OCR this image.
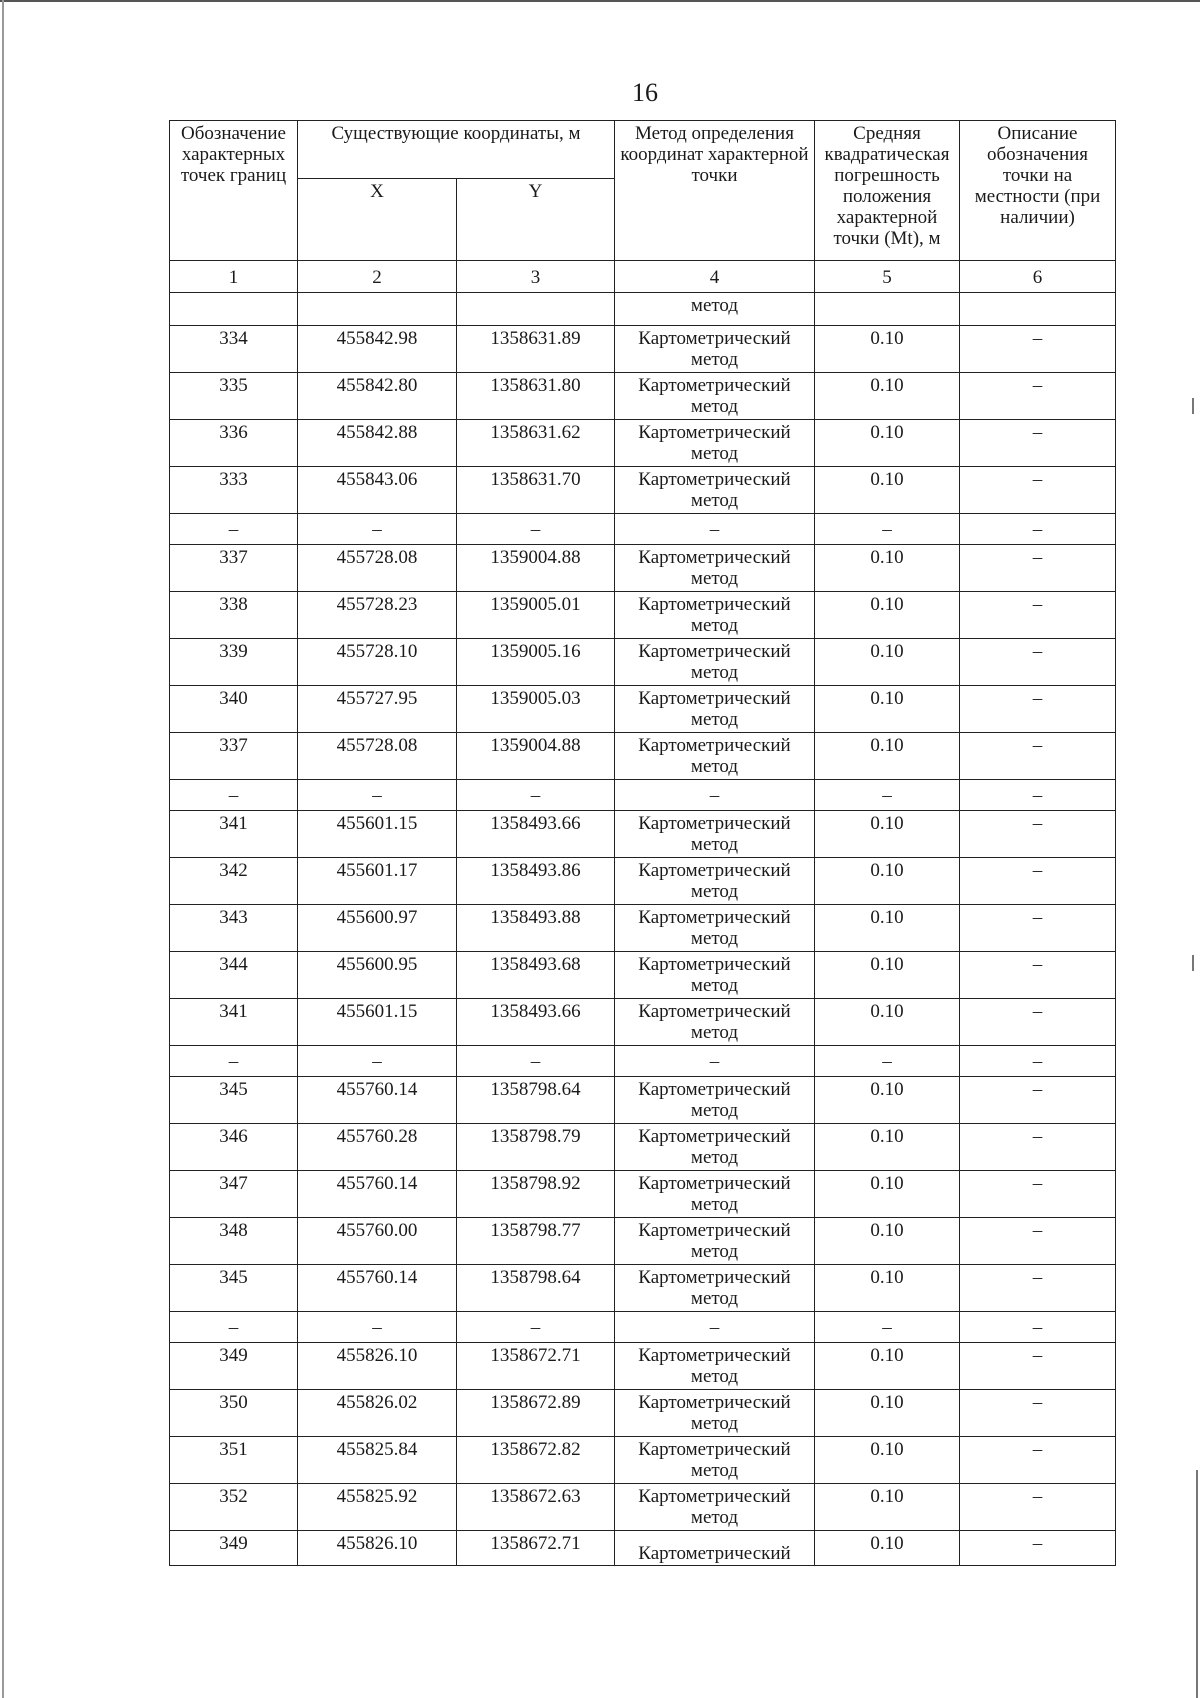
16
Обозначение характерных точек границ	Существующие координаты, м		Метод определения координат характерной точки	Средняя квадратическая погрешность положения характерной точки (Mt), м	Описание обозначения точки на местности (при наличии)
	X	Y			
1	2	3	4	5	6
			метод		
334	455842.98	1358631.89	Картометрический метод	0.10	–
335	455842.80	1358631.80	Картометрический метод	0.10	–
336	455842.88	1358631.62	Картометрический метод	0.10	–
333	455843.06	1358631.70	Картометрический метод	0.10	–
–	–	–	–	–	–
337	455728.08	1359004.88	Картометрический метод	0.10	–
338	455728.23	1359005.01	Картометрический метод	0.10	–
339	455728.10	1359005.16	Картометрический метод	0.10	–
340	455727.95	1359005.03	Картометрический метод	0.10	–
337	455728.08	1359004.88	Картометрический метод	0.10	–
–	–	–	–	–	–
341	455601.15	1358493.66	Картометрический метод	0.10	–
342	455601.17	1358493.86	Картометрический метод	0.10	–
343	455600.97	1358493.88	Картометрический метод	0.10	–
344	455600.95	1358493.68	Картометрический метод	0.10	–
341	455601.15	1358493.66	Картометрический метод	0.10	–
–	–	–	–	–	–
345	455760.14	1358798.64	Картометрический метод	0.10	–
346	455760.28	1358798.79	Картометрический метод	0.10	–
347	455760.14	1358798.92	Картометрический метод	0.10	–
348	455760.00	1358798.77	Картометрический метод	0.10	–
345	455760.14	1358798.64	Картометрический метод	0.10	–
–	–	–	–	–	–
349	455826.10	1358672.71	Картометрический метод	0.10	–
350	455826.02	1358672.89	Картометрический метод	0.10	–
351	455825.84	1358672.82	Картометрический метод	0.10	–
352	455825.92	1358672.63	Картометрический метод	0.10	–
349	455826.10	1358672.71	Картометрический	0.10	–
